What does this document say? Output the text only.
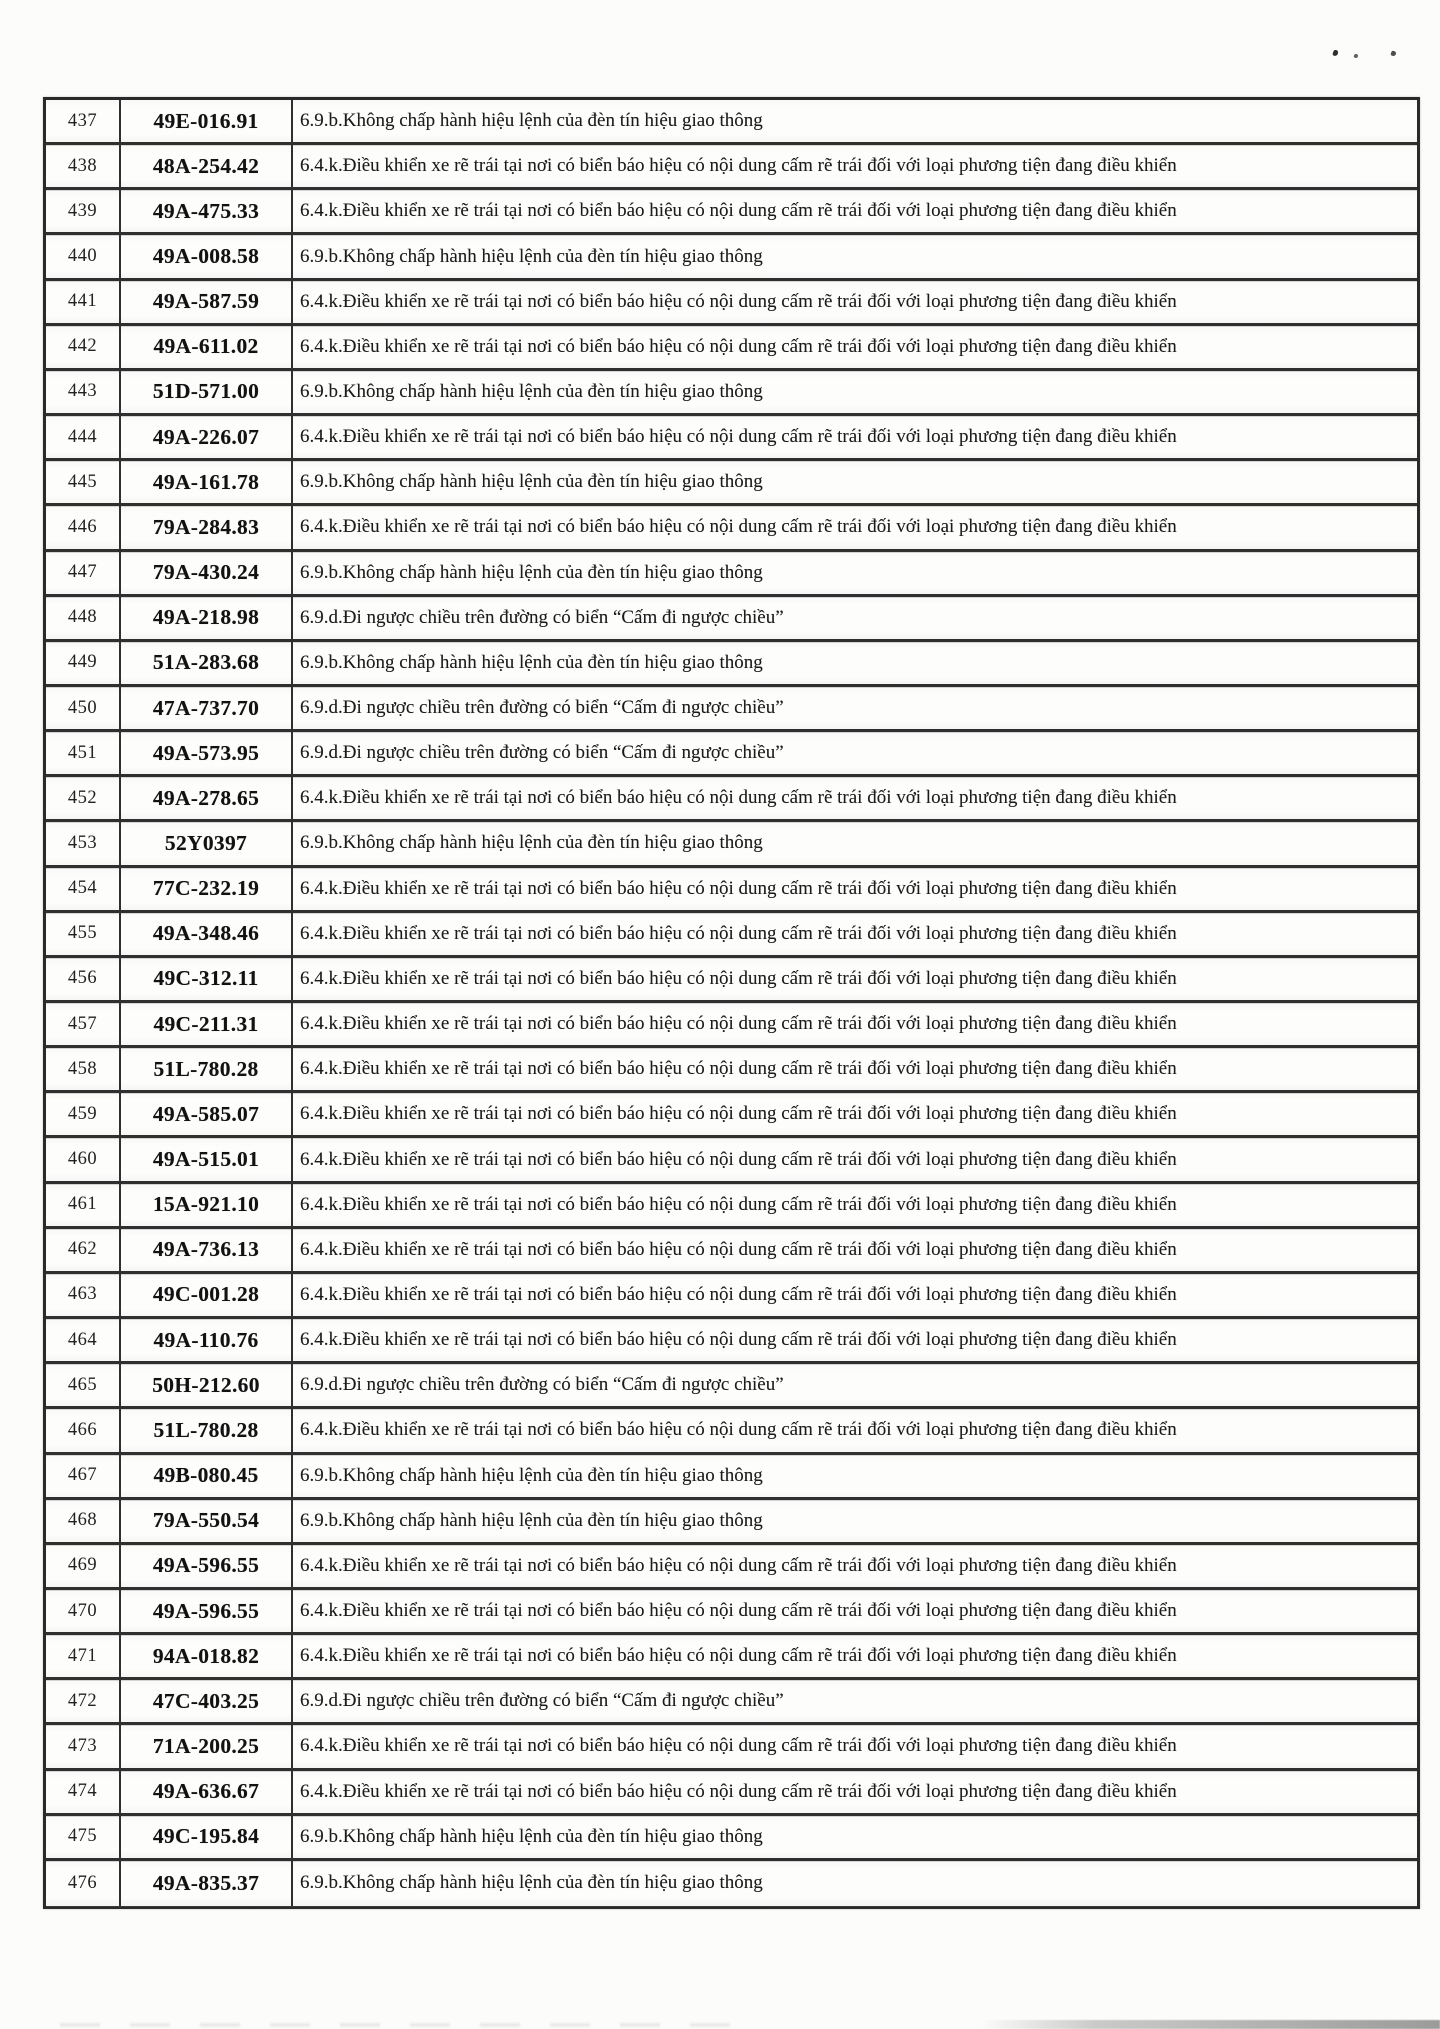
437	49E-016.91	6.9.b.Không chấp hành hiệu lệnh của đèn tín hiệu giao thông
438	48A-254.42	6.4.k.Điều khiển xe rẽ trái tại nơi có biển báo hiệu có nội dung cấm rẽ trái đối với loại phương tiện đang điều khiển
439	49A-475.33	6.4.k.Điều khiển xe rẽ trái tại nơi có biển báo hiệu có nội dung cấm rẽ trái đối với loại phương tiện đang điều khiển
440	49A-008.58	6.9.b.Không chấp hành hiệu lệnh của đèn tín hiệu giao thông
441	49A-587.59	6.4.k.Điều khiển xe rẽ trái tại nơi có biển báo hiệu có nội dung cấm rẽ trái đối với loại phương tiện đang điều khiển
442	49A-611.02	6.4.k.Điều khiển xe rẽ trái tại nơi có biển báo hiệu có nội dung cấm rẽ trái đối với loại phương tiện đang điều khiển
443	51D-571.00	6.9.b.Không chấp hành hiệu lệnh của đèn tín hiệu giao thông
444	49A-226.07	6.4.k.Điều khiển xe rẽ trái tại nơi có biển báo hiệu có nội dung cấm rẽ trái đối với loại phương tiện đang điều khiển
445	49A-161.78	6.9.b.Không chấp hành hiệu lệnh của đèn tín hiệu giao thông
446	79A-284.83	6.4.k.Điều khiển xe rẽ trái tại nơi có biển báo hiệu có nội dung cấm rẽ trái đối với loại phương tiện đang điều khiển
447	79A-430.24	6.9.b.Không chấp hành hiệu lệnh của đèn tín hiệu giao thông
448	49A-218.98	6.9.d.Đi ngược chiều trên đường có biển “Cấm đi ngược chiều”
449	51A-283.68	6.9.b.Không chấp hành hiệu lệnh của đèn tín hiệu giao thông
450	47A-737.70	6.9.d.Đi ngược chiều trên đường có biển “Cấm đi ngược chiều”
451	49A-573.95	6.9.d.Đi ngược chiều trên đường có biển “Cấm đi ngược chiều”
452	49A-278.65	6.4.k.Điều khiển xe rẽ trái tại nơi có biển báo hiệu có nội dung cấm rẽ trái đối với loại phương tiện đang điều khiển
453	52Y0397	6.9.b.Không chấp hành hiệu lệnh của đèn tín hiệu giao thông
454	77C-232.19	6.4.k.Điều khiển xe rẽ trái tại nơi có biển báo hiệu có nội dung cấm rẽ trái đối với loại phương tiện đang điều khiển
455	49A-348.46	6.4.k.Điều khiển xe rẽ trái tại nơi có biển báo hiệu có nội dung cấm rẽ trái đối với loại phương tiện đang điều khiển
456	49C-312.11	6.4.k.Điều khiển xe rẽ trái tại nơi có biển báo hiệu có nội dung cấm rẽ trái đối với loại phương tiện đang điều khiển
457	49C-211.31	6.4.k.Điều khiển xe rẽ trái tại nơi có biển báo hiệu có nội dung cấm rẽ trái đối với loại phương tiện đang điều khiển
458	51L-780.28	6.4.k.Điều khiển xe rẽ trái tại nơi có biển báo hiệu có nội dung cấm rẽ trái đối với loại phương tiện đang điều khiển
459	49A-585.07	6.4.k.Điều khiển xe rẽ trái tại nơi có biển báo hiệu có nội dung cấm rẽ trái đối với loại phương tiện đang điều khiển
460	49A-515.01	6.4.k.Điều khiển xe rẽ trái tại nơi có biển báo hiệu có nội dung cấm rẽ trái đối với loại phương tiện đang điều khiển
461	15A-921.10	6.4.k.Điều khiển xe rẽ trái tại nơi có biển báo hiệu có nội dung cấm rẽ trái đối với loại phương tiện đang điều khiển
462	49A-736.13	6.4.k.Điều khiển xe rẽ trái tại nơi có biển báo hiệu có nội dung cấm rẽ trái đối với loại phương tiện đang điều khiển
463	49C-001.28	6.4.k.Điều khiển xe rẽ trái tại nơi có biển báo hiệu có nội dung cấm rẽ trái đối với loại phương tiện đang điều khiển
464	49A-110.76	6.4.k.Điều khiển xe rẽ trái tại nơi có biển báo hiệu có nội dung cấm rẽ trái đối với loại phương tiện đang điều khiển
465	50H-212.60	6.9.d.Đi ngược chiều trên đường có biển “Cấm đi ngược chiều”
466	51L-780.28	6.4.k.Điều khiển xe rẽ trái tại nơi có biển báo hiệu có nội dung cấm rẽ trái đối với loại phương tiện đang điều khiển
467	49B-080.45	6.9.b.Không chấp hành hiệu lệnh của đèn tín hiệu giao thông
468	79A-550.54	6.9.b.Không chấp hành hiệu lệnh của đèn tín hiệu giao thông
469	49A-596.55	6.4.k.Điều khiển xe rẽ trái tại nơi có biển báo hiệu có nội dung cấm rẽ trái đối với loại phương tiện đang điều khiển
470	49A-596.55	6.4.k.Điều khiển xe rẽ trái tại nơi có biển báo hiệu có nội dung cấm rẽ trái đối với loại phương tiện đang điều khiển
471	94A-018.82	6.4.k.Điều khiển xe rẽ trái tại nơi có biển báo hiệu có nội dung cấm rẽ trái đối với loại phương tiện đang điều khiển
472	47C-403.25	6.9.d.Đi ngược chiều trên đường có biển “Cấm đi ngược chiều”
473	71A-200.25	6.4.k.Điều khiển xe rẽ trái tại nơi có biển báo hiệu có nội dung cấm rẽ trái đối với loại phương tiện đang điều khiển
474	49A-636.67	6.4.k.Điều khiển xe rẽ trái tại nơi có biển báo hiệu có nội dung cấm rẽ trái đối với loại phương tiện đang điều khiển
475	49C-195.84	6.9.b.Không chấp hành hiệu lệnh của đèn tín hiệu giao thông
476	49A-835.37	6.9.b.Không chấp hành hiệu lệnh của đèn tín hiệu giao thông
